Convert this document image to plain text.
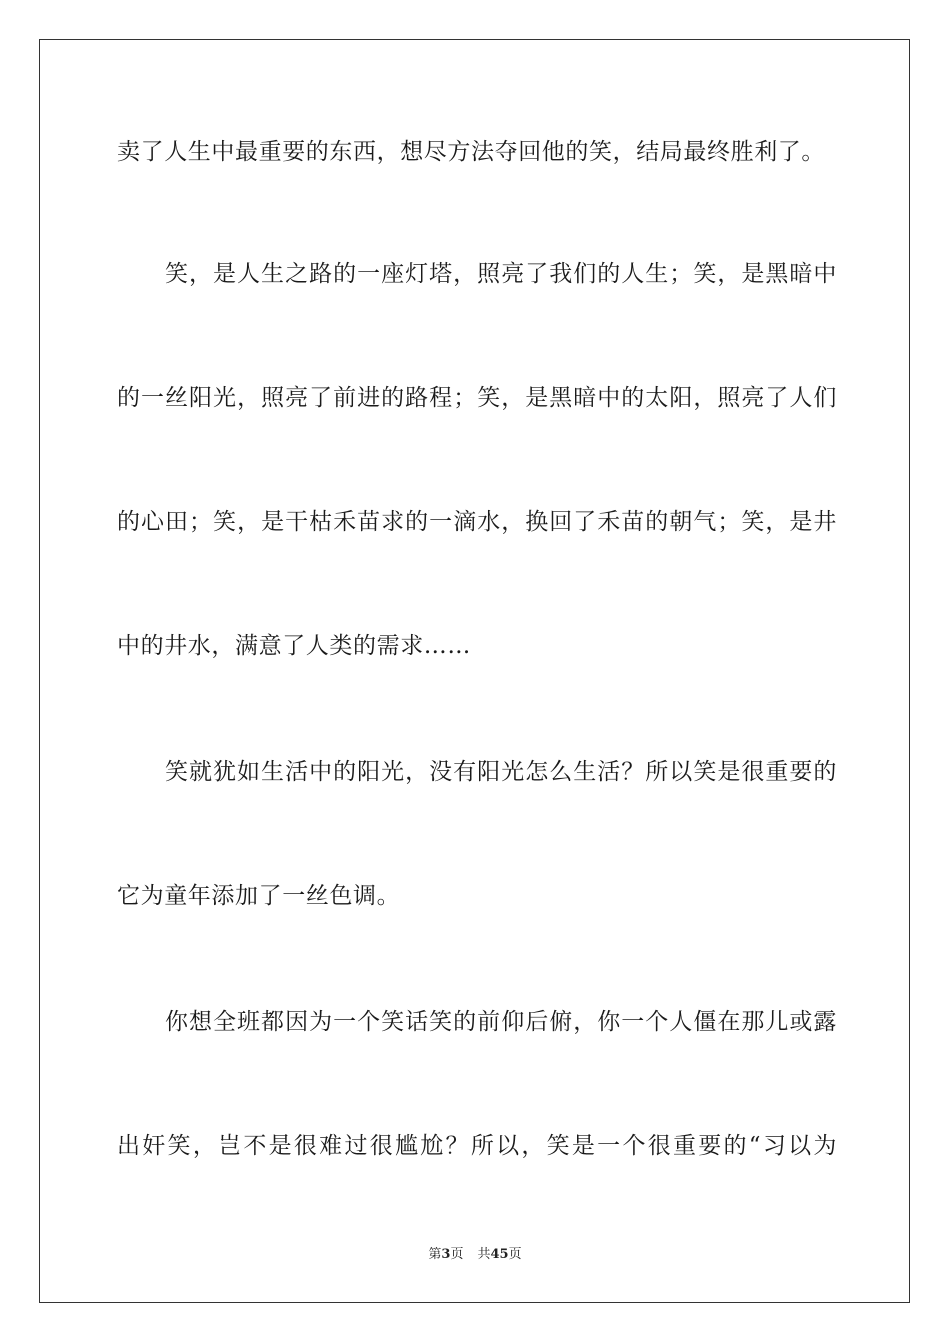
卖了人生中最重要的东西，想尽方法夺回他的笑，结局最终胜利了。
笑，是人生之路的一座灯塔，照亮了我们的人生；笑，是黑暗中
的一丝阳光，照亮了前进的路程；笑，是黑暗中的太阳，照亮了人们
的心田；笑，是干枯禾苗求的一滴水，换回了禾苗的朝气；笑，是井
中的井水，满意了人类的需求……
笑就犹如生活中的阳光，没有阳光怎么生活？所以笑是很重要的
它为童年添加了一丝色调。
你想全班都因为一个笑话笑的前仰后俯，你一个人僵在那儿或露
出奸笑，岂不是很难过很尴尬？所以，笑是一个很重要的“习以为
第3页 共45页
